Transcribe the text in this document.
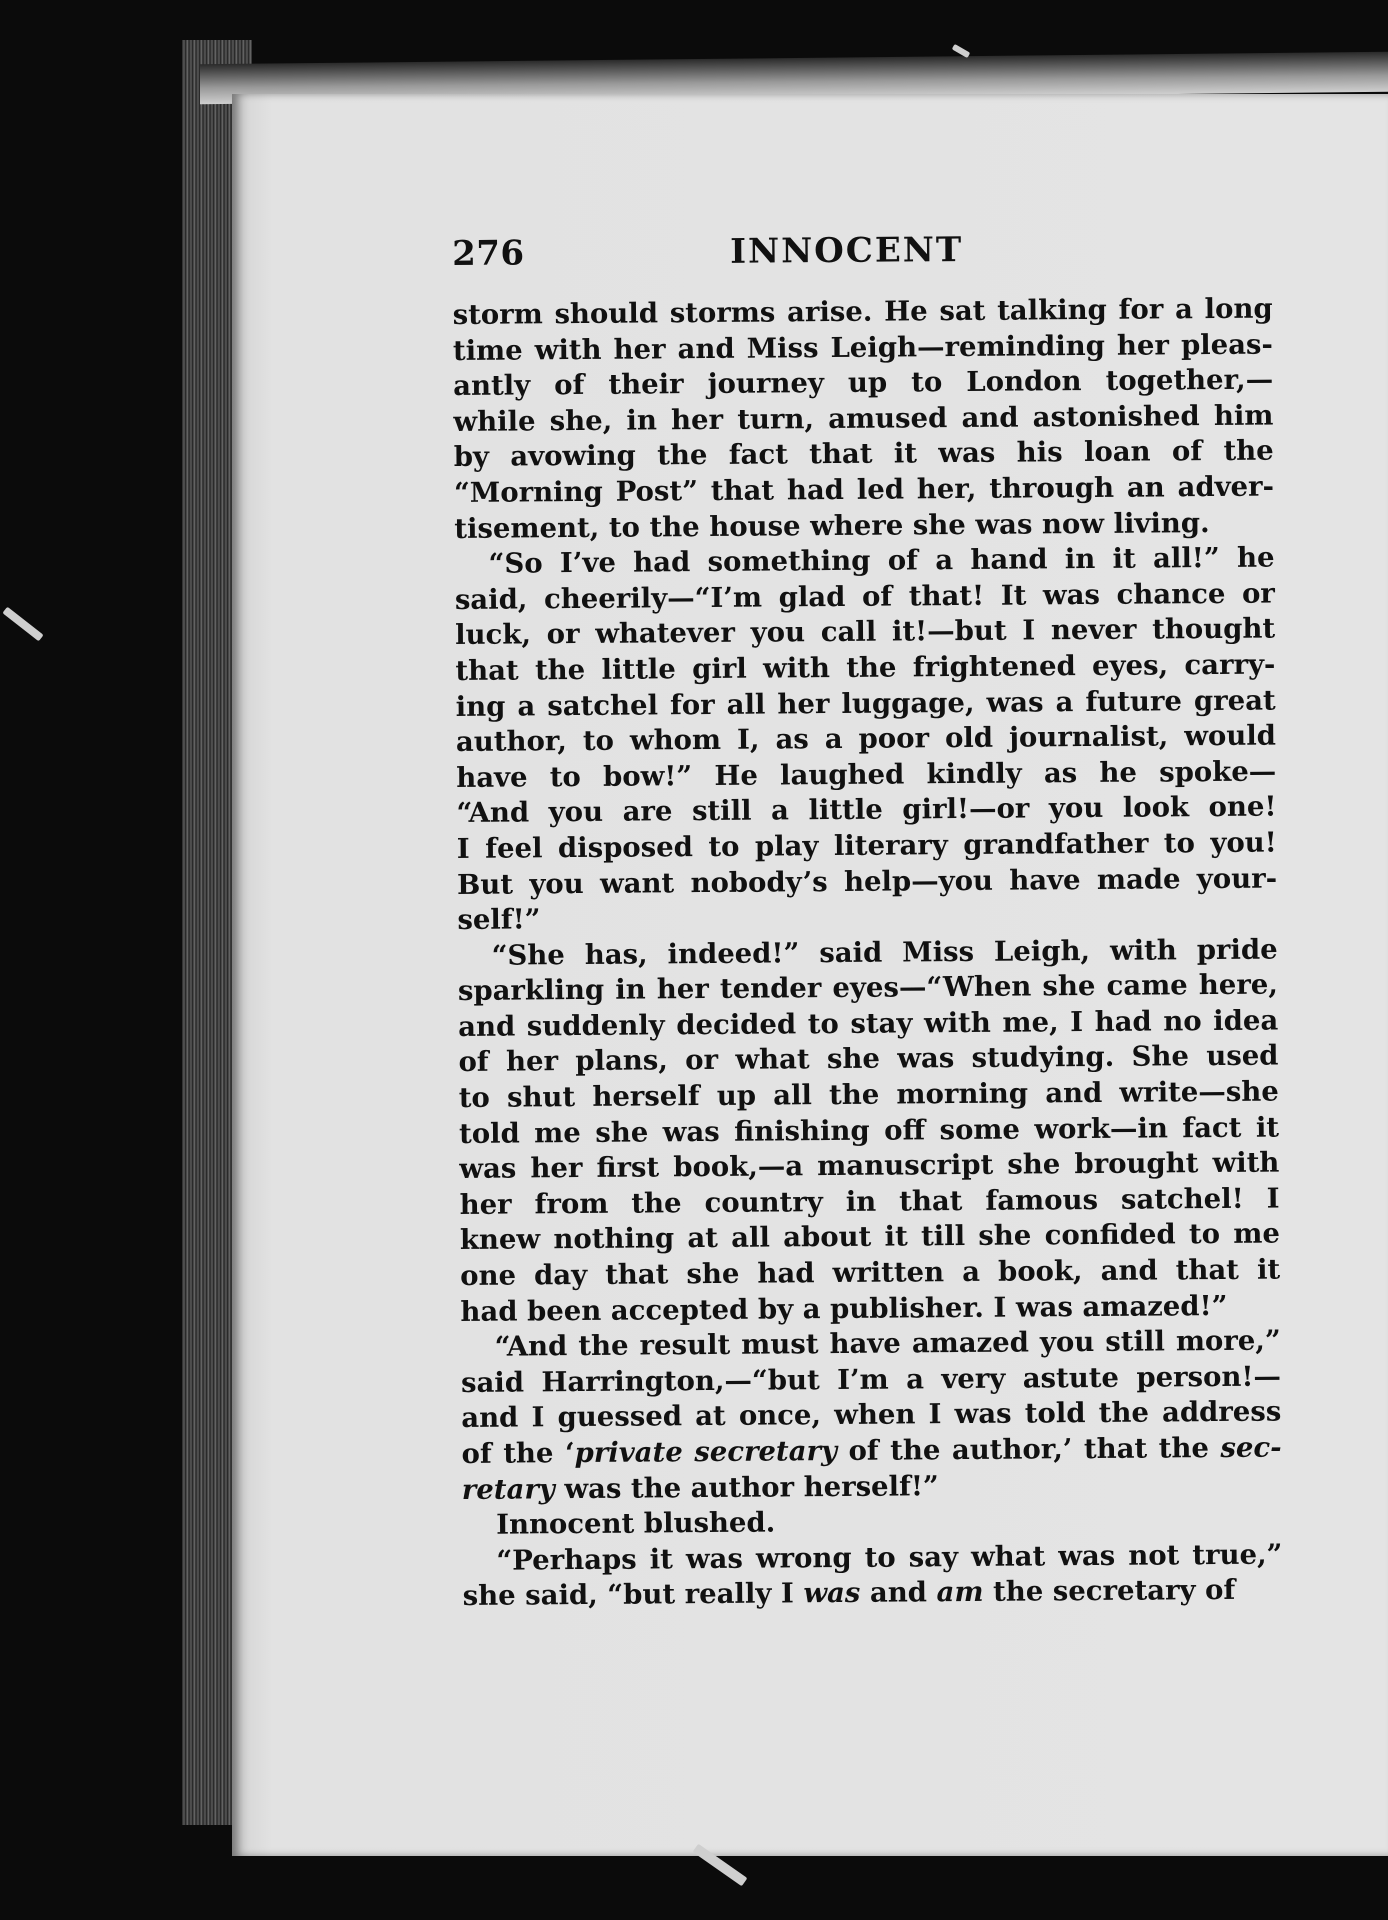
276	INNOCENT
storm should storms arise. He sat talking for a long
time with her and Miss Leigh—reminding her pleas-
antly of their journey up to London together,—
while she, in her turn, amused and astonished him
by avowing the fact that it was his loan of the
“Morning Post” that had led her, through an adver-
tisement, to the house where she was now living.
“So I’ve had something of a hand in it all!” he
said, cheerily—“I’m glad of that! It was chance or
luck, or whatever you call it!—but I never thought
that the little girl with the frightened eyes, carry-
ing a satchel for all her luggage, was a future great
author, to whom I, as a poor old journalist, would
have to bow!” He laughed kindly as he spoke—
“And you are still a little girl!—or you look one!
I feel disposed to play literary grandfather to you!
But you want nobody’s help—you have made your-
self!”
“She has, indeed!” said Miss Leigh, with pride
sparkling in her tender eyes—“When she came here,
and suddenly decided to stay with me, I had no idea
of her plans, or what she was studying. She used
to shut herself up all the morning and write—she
told me she was finishing off some work—in fact it
was her first book,—a manuscript she brought with
her from the country in that famous satchel! I
knew nothing at all about it till she confided to me
one day that she had written a book, and that it
had been accepted by a publisher. I was amazed!”
“And the result must have amazed you still more,”
said Harrington,—“but I’m a very astute person!—
and I guessed at once, when I was told the address
of the ‘private secretary of the author,’ that the sec-
retary was the author herself!”
Innocent blushed.
“Perhaps it was wrong to say what was not true,”
she said, “but really I was and am the secretary of
